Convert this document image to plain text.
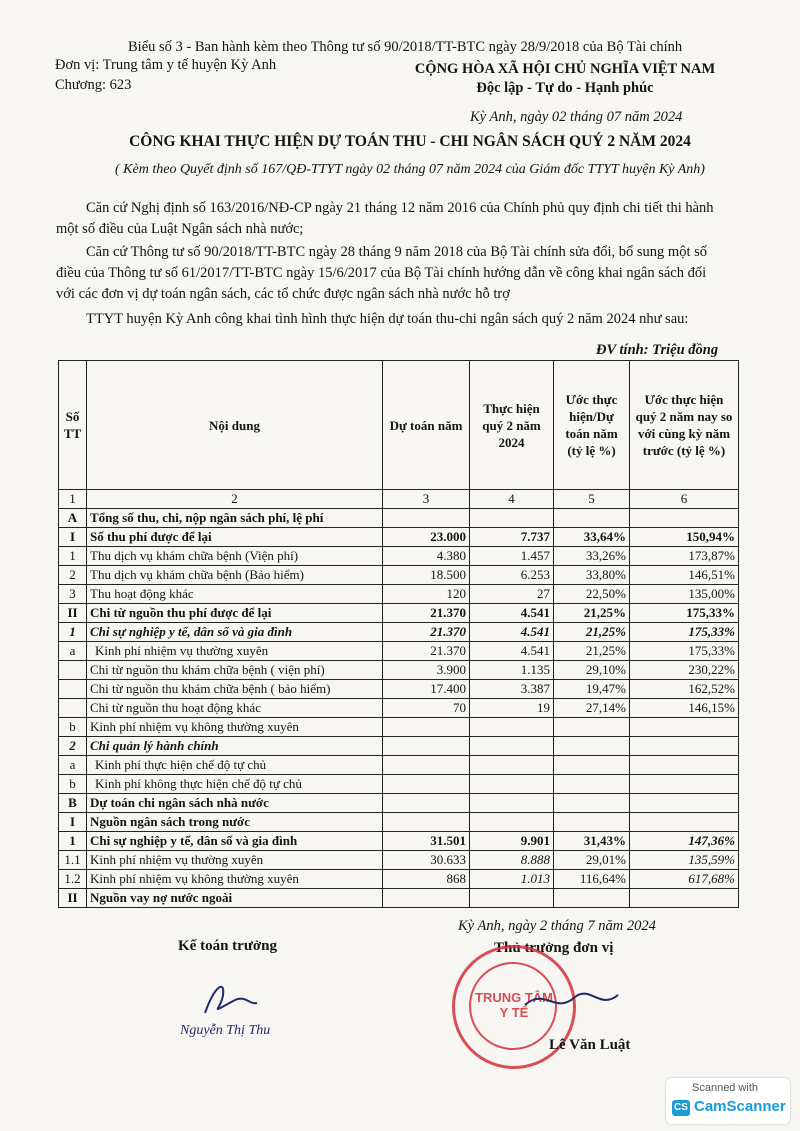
Biểu số 3 - Ban hành kèm theo Thông tư số 90/2018/TT-BTC ngày 28/9/2018 của Bộ Tài chính
Đơn vị: Trung tâm y tế huyện Kỳ Anh
Chương: 623
CỘNG HÒA XÃ HỘI CHỦ NGHĨA VIỆT NAM
Độc lập - Tự do - Hạnh phúc
Kỳ Anh, ngày 02 tháng 07 năm 2024
CÔNG KHAI THỰC HIỆN DỰ TOÁN THU - CHI NGÂN SÁCH QUÝ 2 NĂM 2024
( Kèm theo Quyết định số 167/QĐ-TTYT ngày 02 tháng 07 năm 2024 của Giám đốc TTYT huyện Kỳ Anh)
Căn cứ Nghị định số 163/2016/NĐ-CP ngày 21 tháng 12 năm 2016 của Chính phủ quy định chi tiết thi hành một số điều của Luật Ngân sách nhà nước;
Căn cứ Thông tư số 90/2018/TT-BTC ngày 28 tháng 9 năm 2018 của Bộ Tài chính sửa đổi, bổ sung một số điều của Thông tư số 61/2017/TT-BTC ngày 15/6/2017 của Bộ Tài chính hướng dẫn về công khai ngân sách đối với các đơn vị dự toán ngân sách, các tổ chức được ngân sách nhà nước hỗ trợ
TTYT huyện Kỳ Anh công khai tình hình thực hiện dự toán thu-chi ngân sách quý 2 năm 2024 như sau:
ĐV tính: Triệu đồng
Số TT	Nội dung	Dự toán năm	Thực hiện quý 2 năm 2024	Ước thực hiện/Dự toán năm (tỷ lệ %)	Ước thực hiện quý 2 năm nay so với cùng kỳ năm trước (tỷ lệ %)
1	2	3	4	5	6
A	Tổng số thu, chi, nộp ngân sách phí, lệ phí				
I	Số thu phí được để lại	23.000	7.737	33,64%	150,94%
1	Thu dịch vụ khám chữa bệnh (Viện phí)	4.380	1.457	33,26%	173,87%
2	Thu dịch vụ khám chữa bệnh (Bảo hiểm)	18.500	6.253	33,80%	146,51%
3	Thu hoạt động khác	120	27	22,50%	135,00%
II	Chi từ nguồn thu phí được để lại	21.370	4.541	21,25%	175,33%
1	Chi sự nghiệp y tế, dân số và gia đình	21.370	4.541	21,25%	175,33%
a	Kinh phí nhiệm vụ thường xuyên	21.370	4.541	21,25%	175,33%
	Chi từ nguồn thu khám chữa bệnh ( viện phí)	3.900	1.135	29,10%	230,22%
	Chi từ nguồn thu khám chữa bệnh ( bảo hiểm)	17.400	3.387	19,47%	162,52%
	Chi từ nguồn thu hoạt động khác	70	19	27,14%	146,15%
b	Kinh phí nhiệm vụ không thường xuyên				
2	Chi quản lý hành chính				
a	Kinh phí thực hiện chế độ tự chủ				
b	Kinh phí không thực hiện chế độ tự chủ				
B	Dự toán chi ngân sách nhà nước				
I	Nguồn ngân sách trong nước				
1	Chi sự nghiệp y tế, dân số và gia đình	31.501	9.901	31,43%	147,36%
1.1	Kinh phí nhiệm vụ thường xuyên	30.633	8.888	29,01%	135,59%
1.2	Kinh phí nhiệm vụ không thường xuyên	868	1.013	116,64%	617,68%
II	Nguồn vay nợ nước ngoài				
Kỳ Anh, ngày 2 tháng 7 năm 2024
Kế toán trưởng	Thủ trưởng đơn vị
Nguyễn Thị Thu
TRUNG TÂM Y TẾ
Lê Văn Luật
Scanned with
CS CamScanner
